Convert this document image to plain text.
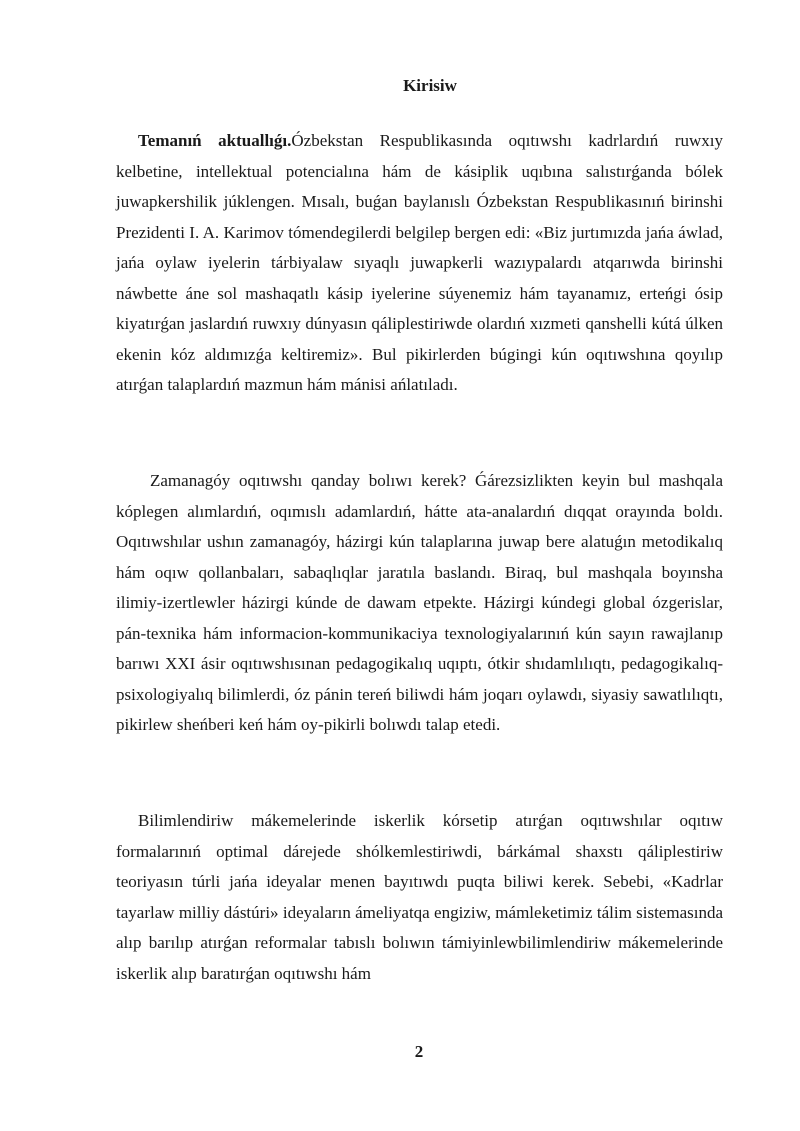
Kirisiw

Temanıń aktuallıǵı.Ózbekstan Respublikasında oqıtıwshı kadrlardıń ruwxıy kelbetine, intellektual potencialına hám de kásiplik uqıbına salıstırǵanda bólek juwapkershilik júklengen. Mısalı, buǵan baylanıslı Ózbekstan Respublikasınıń birinshi Prezidenti I. A. Karimov tómendegilerdi belgilep bergen edi: «Biz jurtımızda jańa áwlad, jańa oylaw iyelerin tárbiyalaw sıyaqlı juwapkerli wazıypalardı atqarıwda birinshi náwbette áne sol mashaqatlı kásip iyelerine súyenemiz hám tayanamız, erteńgi ósip kiyatırǵan jaslardıń ruwxıy dúnyasın qáliplestiriwde olardıń xızmeti qanshelli kútá úlken ekenin kóz aldımızǵa keltiremiz». Bul pikirlerden búgingi kún oqıtıwshına qoyılıp atırǵan talaplardıń mazmun hám mánisi ańlatıladı.

Zamanagóy oqıtıwshı qanday bolıwı kerek? Ǵárezsizlikten keyin bul mashqala kóplegen alımlardıń, oqımıslı adamlardıń, hátte ata-analardıń dıqqat orayında boldı. Oqıtıwshılar ushın zamanagóy, házirgi kún talaplarına juwap bere alatuǵın metodikalıq hám oqıw qollanbaları, sabaqlıqlar jaratıla baslandı. Biraq, bul mashqala boyınsha ilimiy-izertlewler házirgi kúnde de dawam etpekte. Házirgi kúndegi global ózgerislar, pán-texnika hám informacion-kommunikaciya texnologiyalarınıń kún sayın rawajlanıp barıwı XXI ásir oqıtıwshısınan pedagogikalıq uqıptı, ótkir shıdamlılıqtı, pedagogikalıq-psixologiyalıq bilimlerdi, óz pánin tereń biliwdi hám joqarı oylawdı, siyasiy sawatlılıqtı, pikirlew sheńberi keń hám oy-pikirli bolıwdı talap etedi.

Bilimlendiriw mákemelerinde iskerlik kórsetip atırǵan oqıtıwshılar oqıtıw formalarınıń optimal dárejede shólkemlestiriwdi, bárkámal shaxstı qáliplestiriw teoriyasın túrli jańa ideyalar menen bayıtıwdı puqta biliwi kerek. Sebebi, «Kadrlar tayarlaw milliy dástúri» ideyaların ámeliyatqa engiziw, mámleketimiz tálim sistemasında alıp barılıp atırǵan reformalar tabıslı bolıwın támiyinlewbilimlendiriw mákemelerinde iskerlik alıp baratırǵan oqıtıwshı hám

2
